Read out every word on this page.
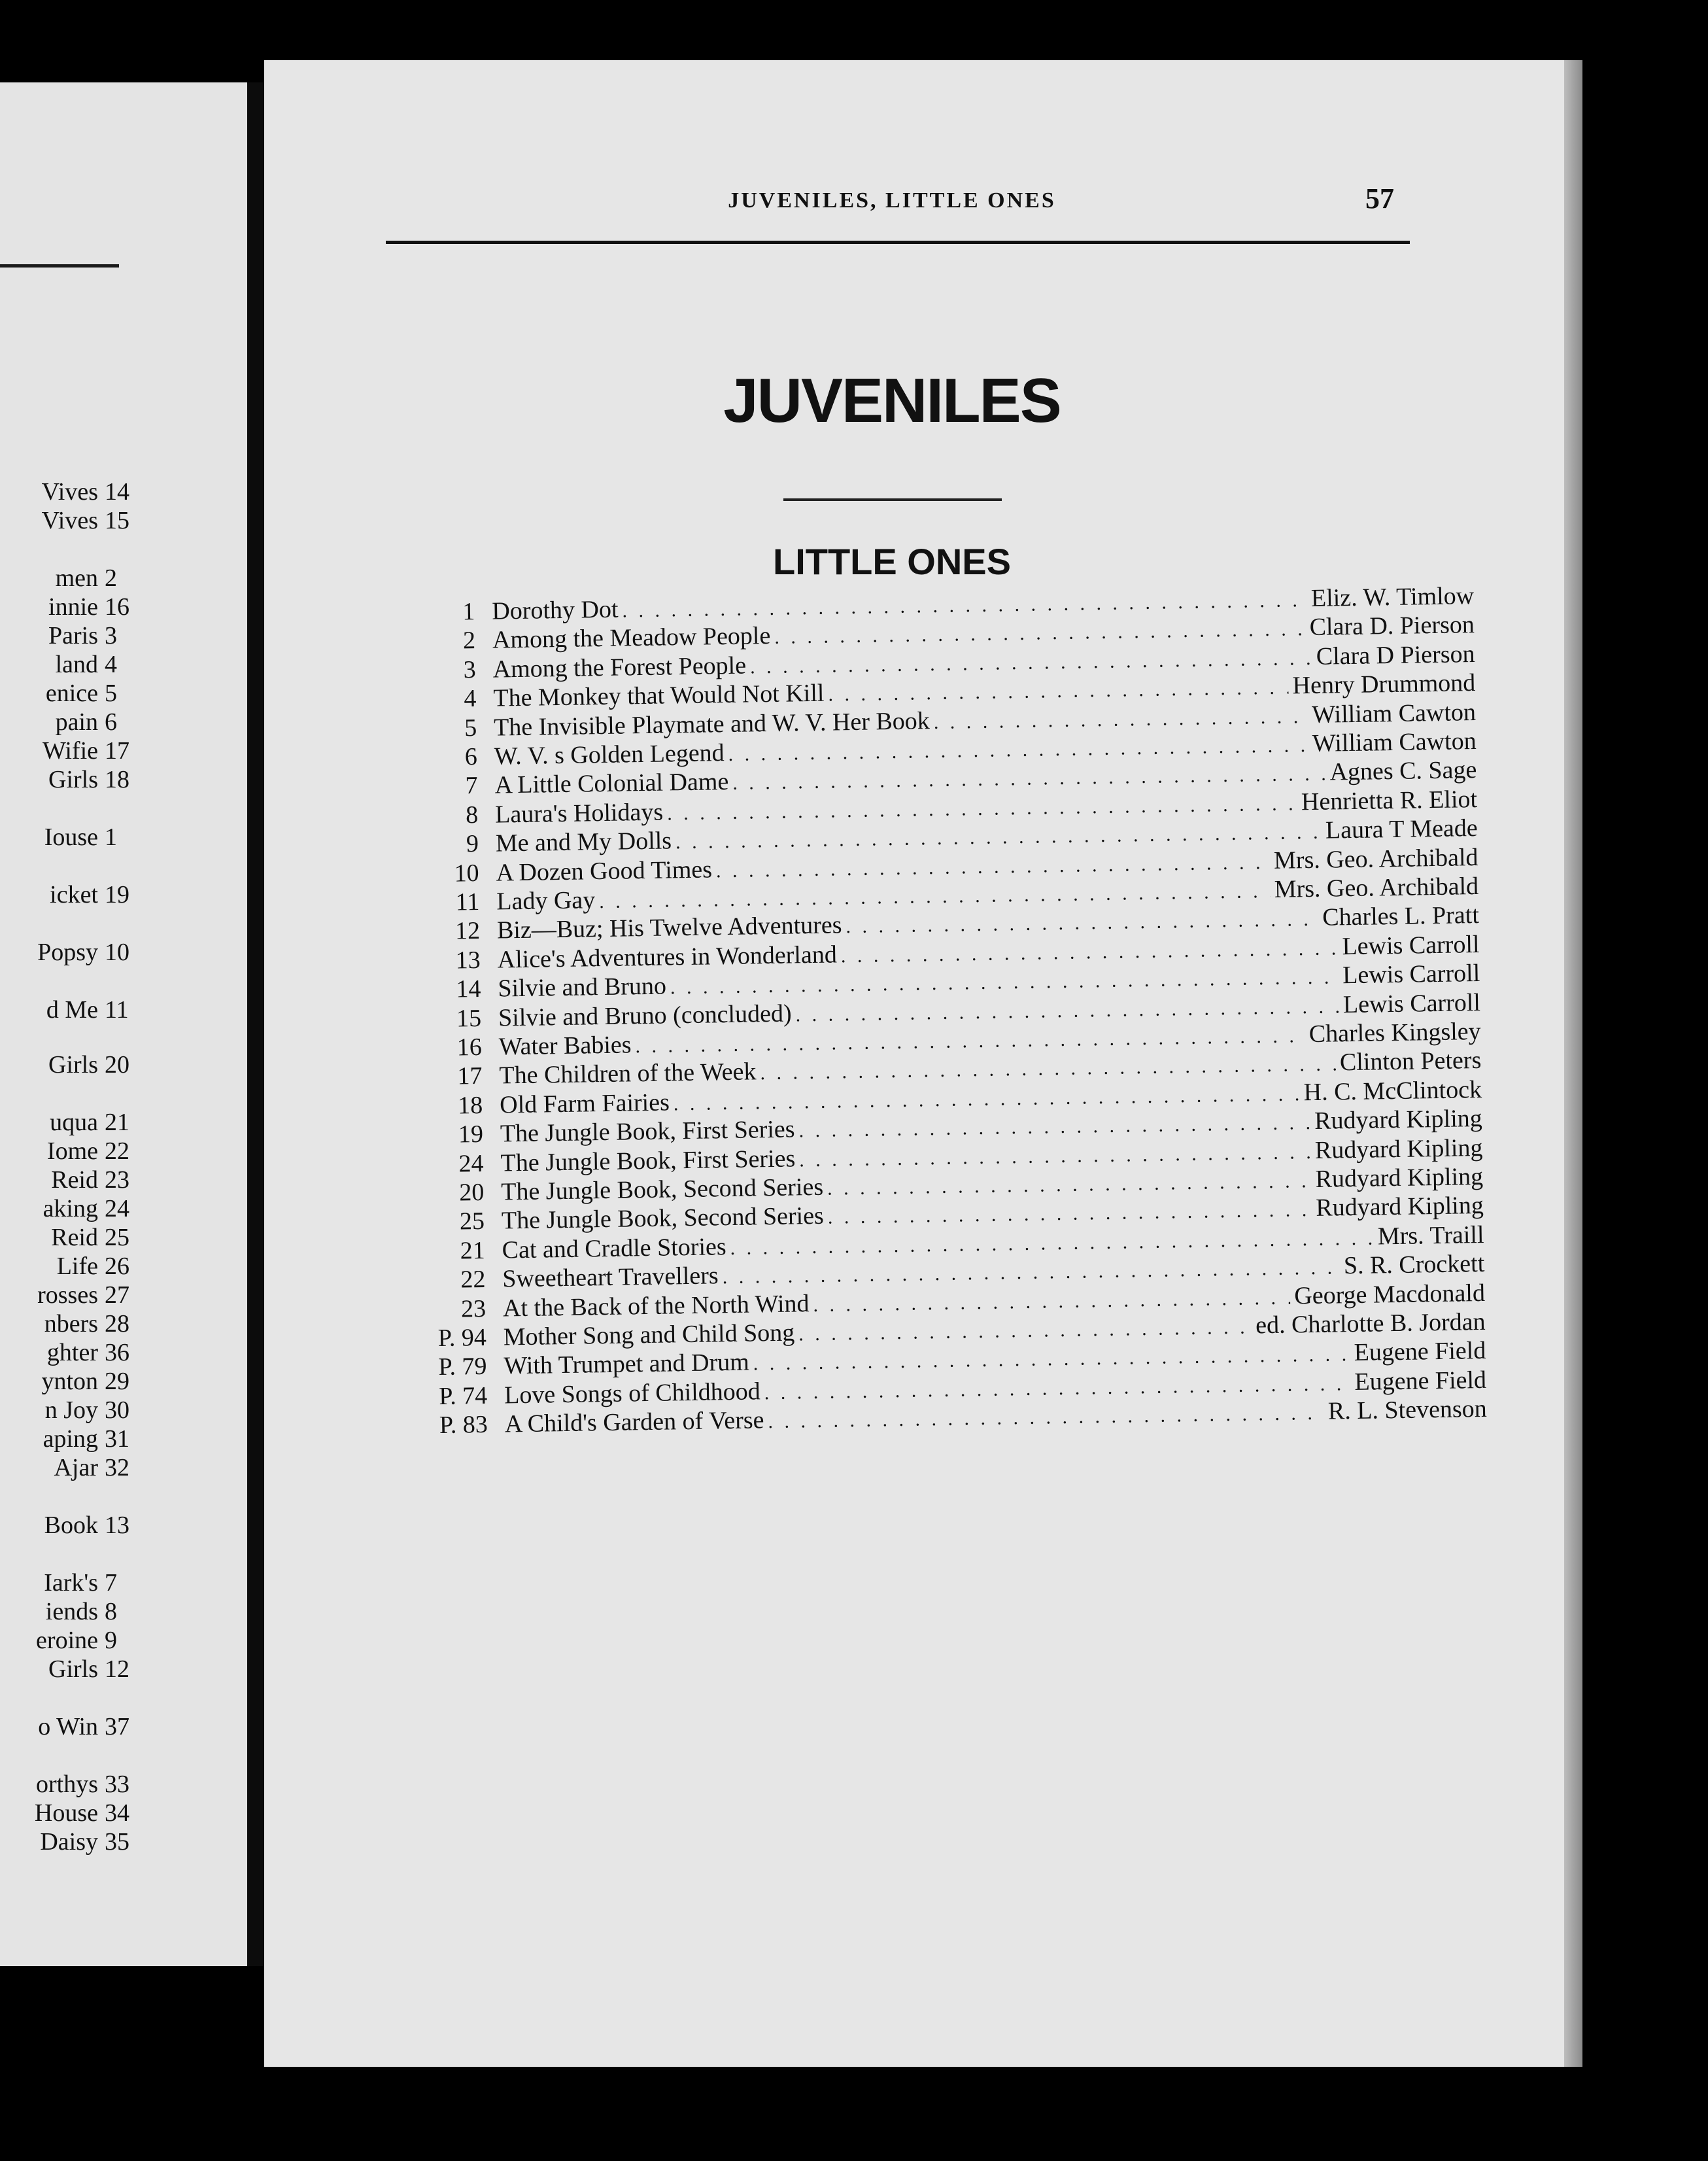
Vives 14
Vives 15
men 2
innie 16
Paris 3
land 4
enice 5
pain 6
Wifie 17
Girls 18
Iouse 1
icket 19
Popsy 10
d Me 11
Girls 20
uqua 21
Iome 22
Reid 23
aking 24
Reid 25
Life 26
rosses 27
nbers 28
ghter 36
ynton 29
n Joy 30
aping 31
Ajar 32
Book 13
Iark's 7
iends 8
eroine 9
Girls 12
o Win 37
orthys 33
House 34
Daisy 35
JUVENILES, LITTLE ONES	57
JUVENILES
LITTLE ONES
1 Dorothy Dot . . .	Eliz. W. Timlow
2 Among the Meadow People . . .	Clara D. Pierson
3 Among the Forest People . . .	Clara D Pierson
4 The Monkey that Would Not Kill . . .	Henry Drummond
5 The Invisible Playmate and W. V. Her Book . . .	William Cawton
6 W. V. s Golden Legend . . .	William Cawton
7 A Little Colonial Dame . . .	Agnes C. Sage
8 Laura's Holidays . . .	Henrietta R. Eliot
9 Me and My Dolls . . .	Laura T Meade
10 A Dozen Good Times . . .	Mrs. Geo. Archibald
11 Lady Gay . . .	Mrs. Geo. Archibald
12 Biz—Buz; His Twelve Adventures . . .	Charles L. Pratt
13 Alice's Adventures in Wonderland . . .	Lewis Carroll
14 Silvie and Bruno . . .	Lewis Carroll
15 Silvie and Bruno (concluded) . . .	Lewis Carroll
16 Water Babies . . .	Charles Kingsley
17 The Children of the Week . . .	Clinton Peters
18 Old Farm Fairies . . .	H. C. McClintock
19 The Jungle Book, First Series . . .	Rudyard Kipling
24 The Jungle Book, First Series . . .	Rudyard Kipling
20 The Jungle Book, Second Series . . .	Rudyard Kipling
25 The Jungle Book, Second Series . . .	Rudyard Kipling
21 Cat and Cradle Stories . . .	Mrs. Traill
22 Sweetheart Travellers . . .	S. R. Crockett
23 At the Back of the North Wind . . .	George Macdonald
P. 94 Mother Song and Child Song . . .	ed. Charlotte B. Jordan
P. 79 With Trumpet and Drum . . .	Eugene Field
P. 74 Love Songs of Childhood . . .	Eugene Field
P. 83 A Child's Garden of Verse . . .	R. L. Stevenson
